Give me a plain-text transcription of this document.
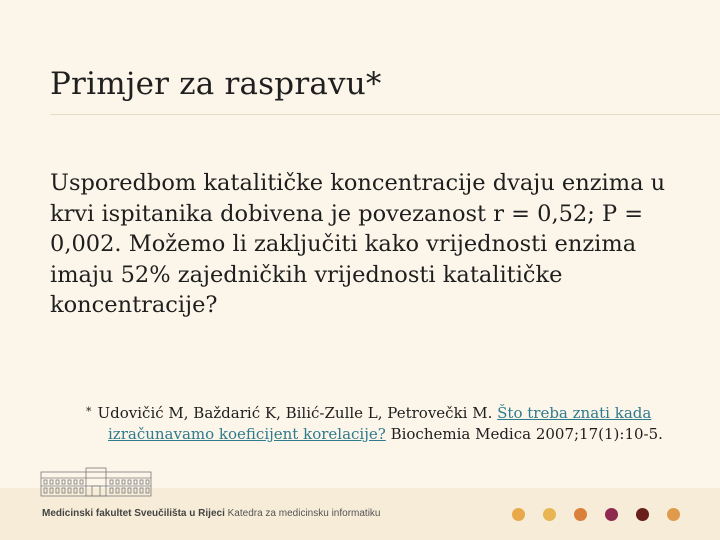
Primjer za raspravu*

Usporedbom katalitičke koncentracije dvaju enzima u krvi ispitanika dobivena je povezanost r = 0,52; P = 0,002. Možemo li zaključiti kako vrijednosti enzima imaju 52% zajedničkih vrijednosti katalitičke koncentracije?

* Udovičić M, Baždarić K, Bilić-Zulle L, Petrovečki M. Što treba znati kada
izračunavamo koeficijent korelacije? Biochemia Medica 2007;17(1):10-5.

Medicinski fakultet Sveučilišta u Rijeci Katedra za medicinsku informatiku
